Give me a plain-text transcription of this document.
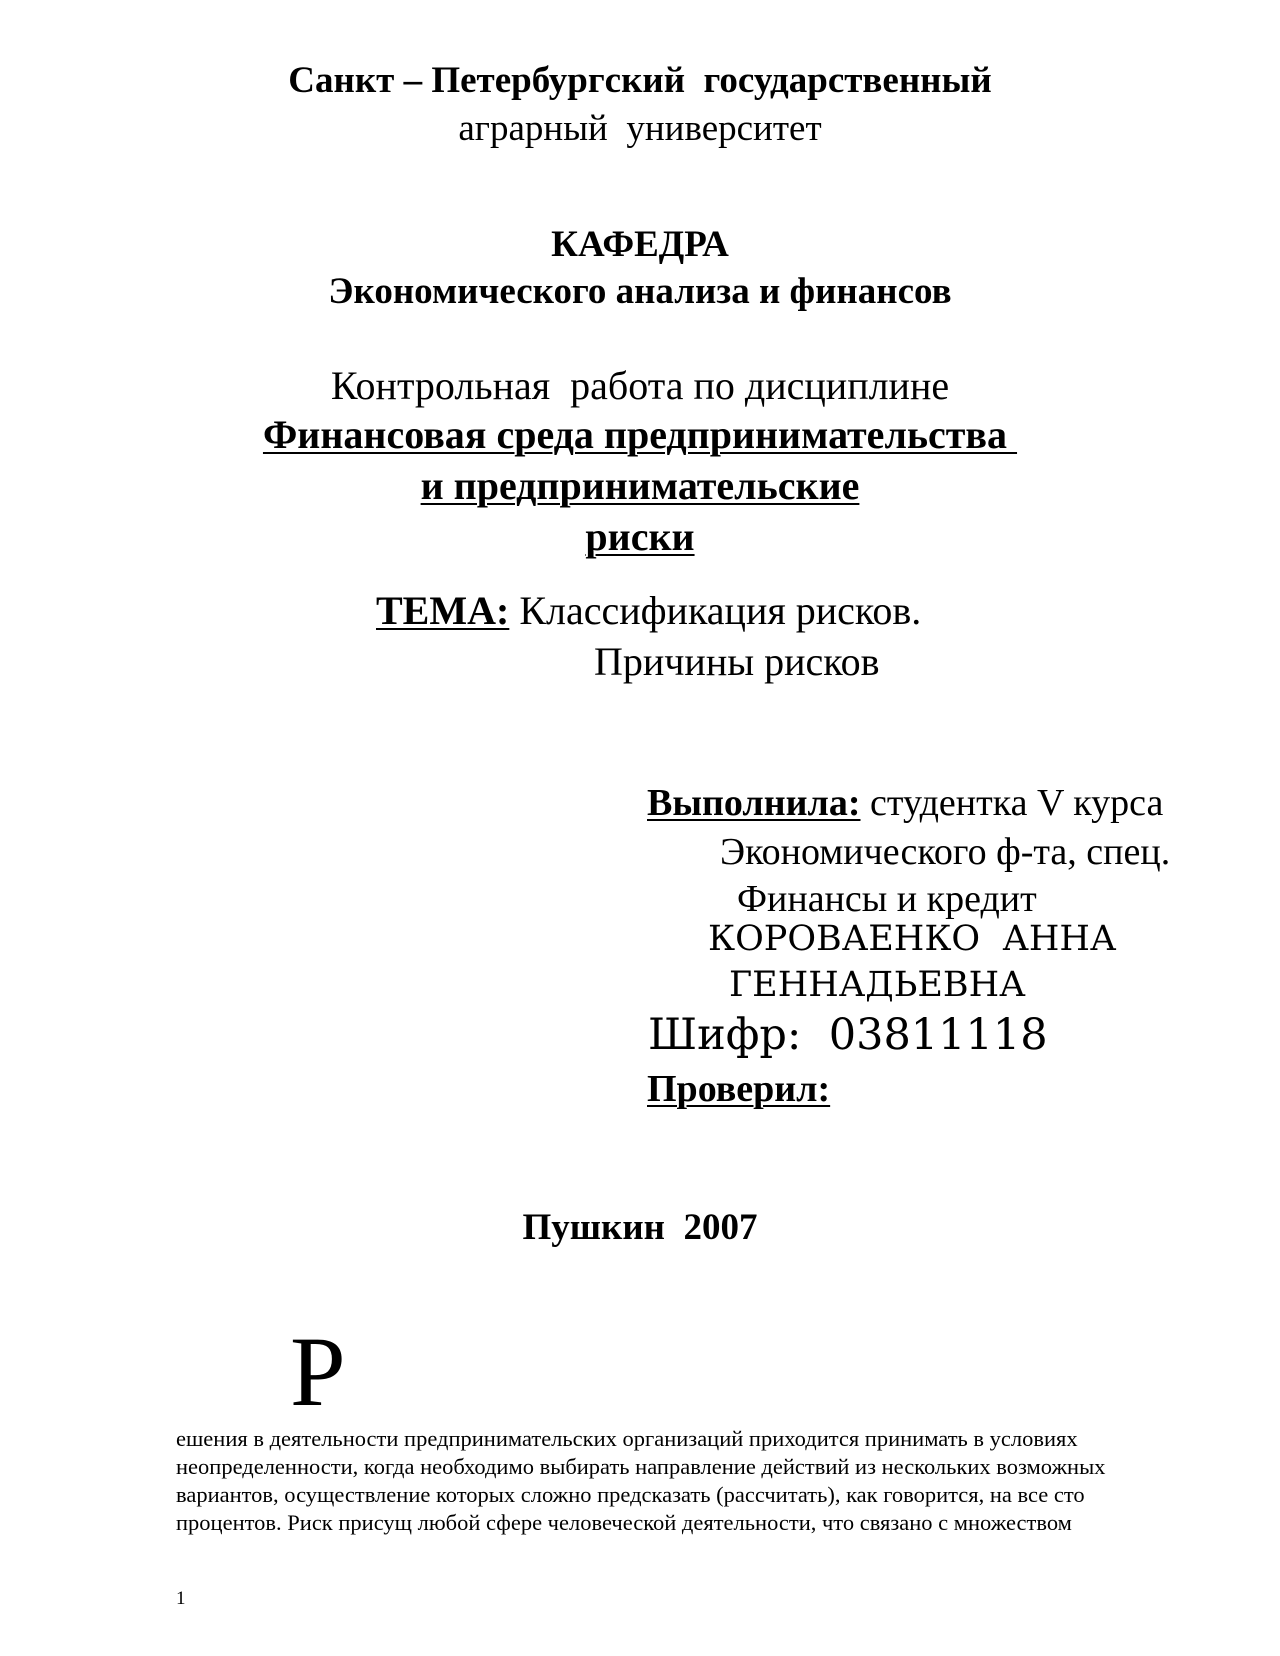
Санкт – Петербургский  государственный
аграрный  университет
КАФЕДРА
Экономического анализа и финансов
Контрольная  работа по дисциплине
Финансовая среда предпринимательства
и предпринимательские
риски
ТЕМА: Классификация рисков.
Причины рисков
Выполнила: студентка V курса
Экономического ф-та, спец.
Финансы и кредит
КОРОВАЕНКО  АННА
ГЕННАДЬЕВНА
Шифр:  03811118
Проверил:
Пушкин  2007
Р
ешения в деятельности предпринимательских организаций приходится принимать в условиях
неопределенности, когда необходимо выбирать направление действий из нескольких возможных
вариантов, осуществление которых сложно предсказать (рассчитать), как говорится, на все сто
процентов. Риск присущ любой сфере человеческой деятельности, что связано с множеством
1
